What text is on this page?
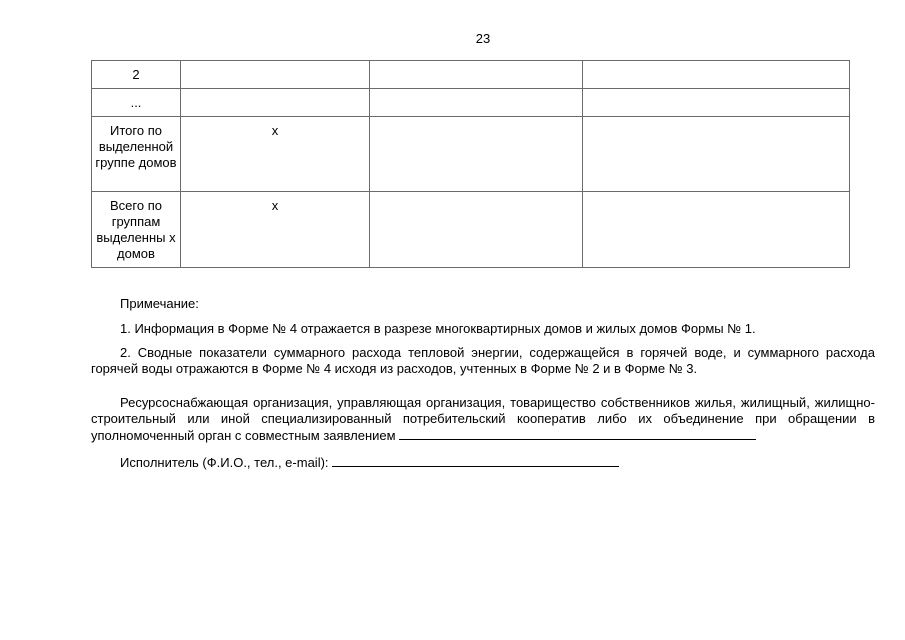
23
2			
...			
Итого по выделенной группе домов	х		
Всего по группам выделенны х домов	х		

Примечание:

1. Информация в Форме № 4 отражается в разрезе многоквартирных домов и жилых домов Формы № 1.

2. Сводные показатели суммарного расхода тепловой энергии, содержащейся в горячей воде, и суммарного расхода горячей воды отражаются в Форме № 4 исходя из расходов, учтенных в Форме № 2 и в Форме № 3.

Ресурсоснабжающая организация, управляющая организация, товарищество собственников жилья, жилищный, жилищно-строительный или иной специализированный потребительский кооператив либо их объединение при обращении в уполномоченный орган с совместным заявлением

Исполнитель (Ф.И.О., тел., e-mail):
